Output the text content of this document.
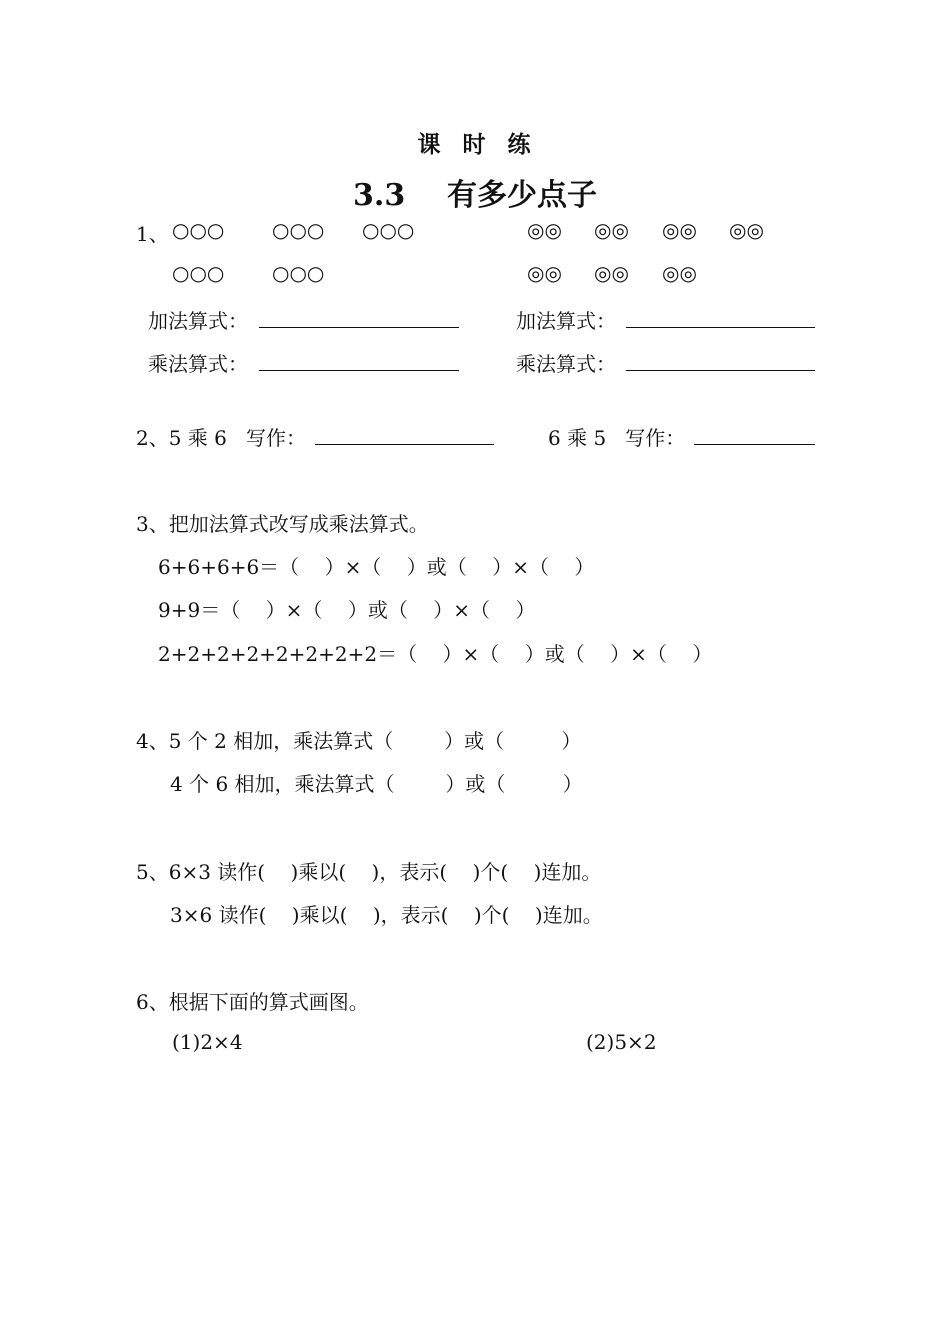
课  时  练
3.3    有多少点子
1、 ○○○ ○○○ ○○○
○○○ ○○○
◎◎ ◎◎ ◎◎ ◎◎
◎◎ ◎◎ ◎◎
加法算式：
乘法算式：
加法算式：
乘法算式：
2、5 乘 6   写作：	6 乘 5   写作：
3、把加法算式改写成乘法算式。
6+6+6+6＝（    ）×（    ）或（    ）×（    ）
9+9＝（    ）×（    ）或（    ）×（    ）
2+2+2+2+2+2+2+2＝（    ）×（    ）或（    ）×（    ）
4、5 个 2 相加，乘法算式（        ）或（         ）
4 个 6 相加，乘法算式（        ）或（         ）
5、6×3 读作(    )乘以(    )，表示(    )个(    )连加。
3×6 读作(    )乘以(    )，表示(    )个(    )连加。
6、根据下面的算式画图。
(1)2×4	(2)5×2
